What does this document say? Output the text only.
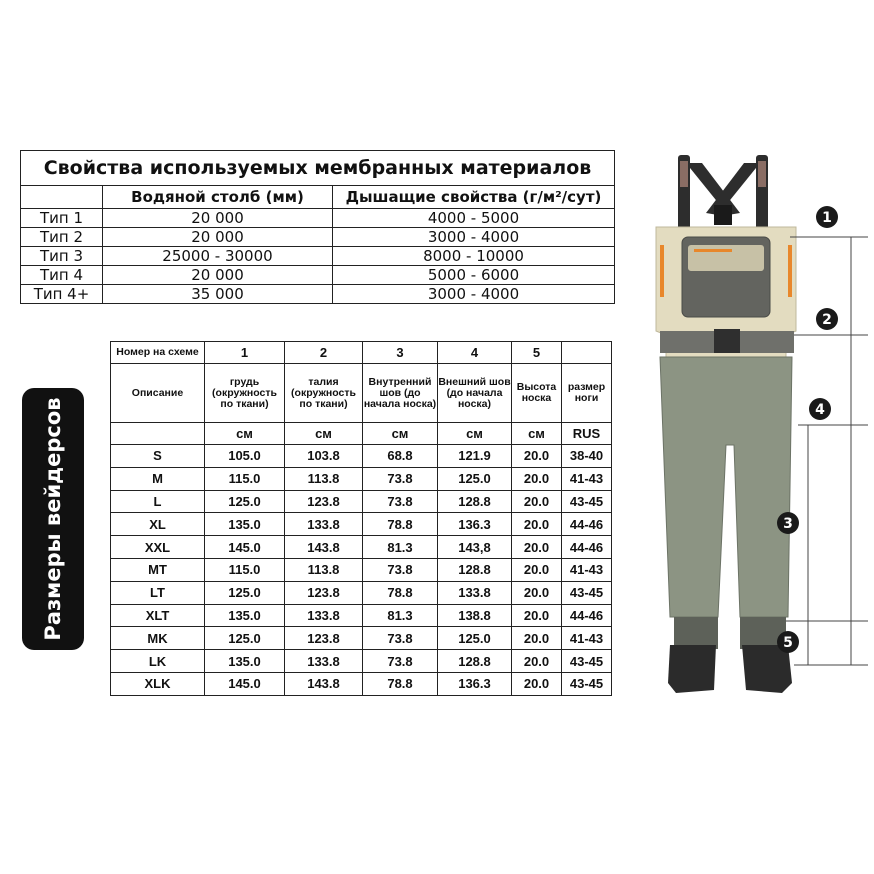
Свойства используемых мембранных материалов		
	Водяной столб (мм)	Дышащие свойства (г/м²/сут)
Тип 1	20 000	4000 - 5000
Тип 2	20 000	3000 - 4000
Тип 3	25000 - 30000	8000 - 10000
Тип 4	20 000	5000 - 6000
Тип 4+	35 000	3000 - 4000
Размеры вейдерсов
Номер на схеме	1	2	3	4	5	
Описание	грудь (окружность по ткани)	талия (окружность по ткани)	Внутренний шов (до начала носка)	Внешний шов (до начала носка)	Высота носка	размер ноги
	см	см	см	см	см	RUS
S	105.0	103.8	68.8	121.9	20.0	38-40
M	115.0	113.8	73.8	125.0	20.0	41-43
L	125.0	123.8	73.8	128.8	20.0	43-45
XL	135.0	133.8	78.8	136.3	20.0	44-46
XXL	145.0	143.8	81.3	143,8	20.0	44-46
MT	115.0	113.8	73.8	128.8	20.0	41-43
LT	125.0	123.8	78.8	133.8	20.0	43-45
XLT	135.0	133.8	81.3	138.8	20.0	44-46
MK	125.0	123.8	73.8	125.0	20.0	41-43
LK	135.0	133.8	73.8	128.8	20.0	43-45
XLK	145.0	143.8	78.8	136.3	20.0	43-45
1
2
3
4
5
